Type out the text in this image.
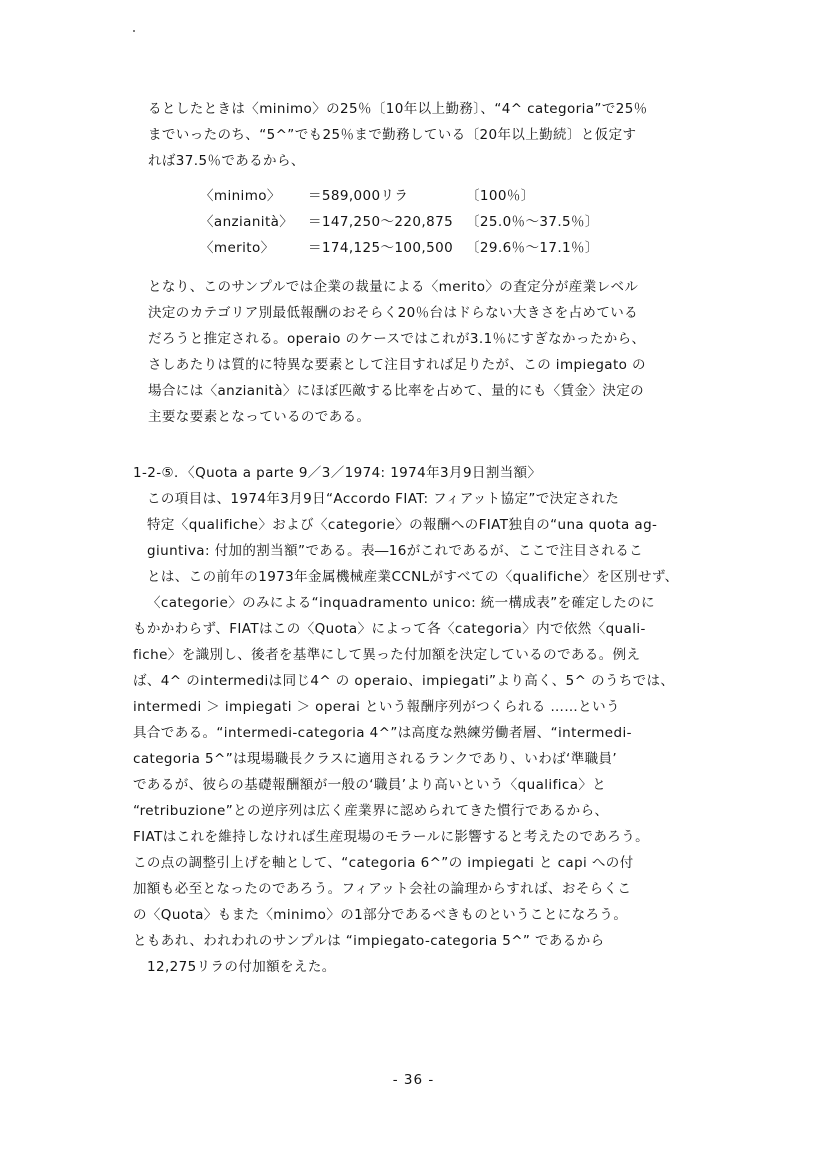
るとしたときは〈minimo〉の25％〔10年以上勤務〕、“4^ categoria”で25％
までいったのち、“5^”でも25％まで勤務している〔20年以上勤続〕と仮定す
れば37.5％であるから、
〈minimo〉 ＝589,000リラ	〔100％〕
〈anzianità〉 ＝147,250〜220,875 〔25.0％〜37.5％〕
〈merito〉 ＝174,125〜100,500 〔29.6％〜17.1％〕
となり、このサンプルでは企業の裁量による〈merito〉の査定分が産業レベル
決定のカテゴリア別最低報酬のおそらく20％台はドらない大きさを占めている
だろうと推定される。operaio のケースではこれが3.1％にすぎなかったから、
さしあたりは質的に特異な要素として注目すれば足りたが、この impiegato の
場合には〈anzianità〉にほぼ匹敵する比率を占めて、量的にも〈賃金〉決定の
主要な要素となっているのである。
1-2-⑤．〈Quota a parte 9／3／1974: 1974年3月9日割当額〉
この項目は、1974年3月9日“Accordo FIAT: フィアット協定”で決定された
特定〈qualifiche〉および〈categorie〉の報酬へのFIAT独自の“una quota ag-
giuntiva: 付加的割当額”である。表―16がこれであるが、ここで注目されるこ
とは、この前年の1973年金属機械産業CCNLがすべての〈qualifiche〉を区別せず、
〈categorie〉のみによる“inquadramento unico: 統一構成表”を確定したのに
もかかわらず、FIATはこの〈Quota〉によって各〈categoria〉内で依然〈quali-
fiche〉を識別し、後者を基準にして異った付加額を決定しているのである。例え
ば、4^ のintermediは同じ4^ の operaio、impiegati”より高く、5^ のうちでは、
intermedi ＞ impiegati ＞ operai という報酬序列がつくられる ……という
具合である。“intermedi-categoria 4^”は高度な熟練労働者層、“intermedi-
categoria 5^”は現場職長クラスに適用されるランクであり、いわば‘準職員’
であるが、彼らの基礎報酬額が一般の‘職員’より高いという〈qualifica〉と
“retribuzione”との逆序列は広く産業界に認められてきた慣行であるから、
FIATはこれを維持しなければ生産現場のモラールに影響すると考えたのであろう。
この点の調整引上げを軸として、“categoria 6^”の impiegati と capi への付
加額も必至となったのであろう。フィアット会社の論理からすれば、おそらくこ
の〈Quota〉もまた〈minimo〉の1部分であるべきものということになろう。
ともあれ、われわれのサンプルは “impiegato-categoria 5^” であるから
12,275リラの付加額をえた。
- 36 -
